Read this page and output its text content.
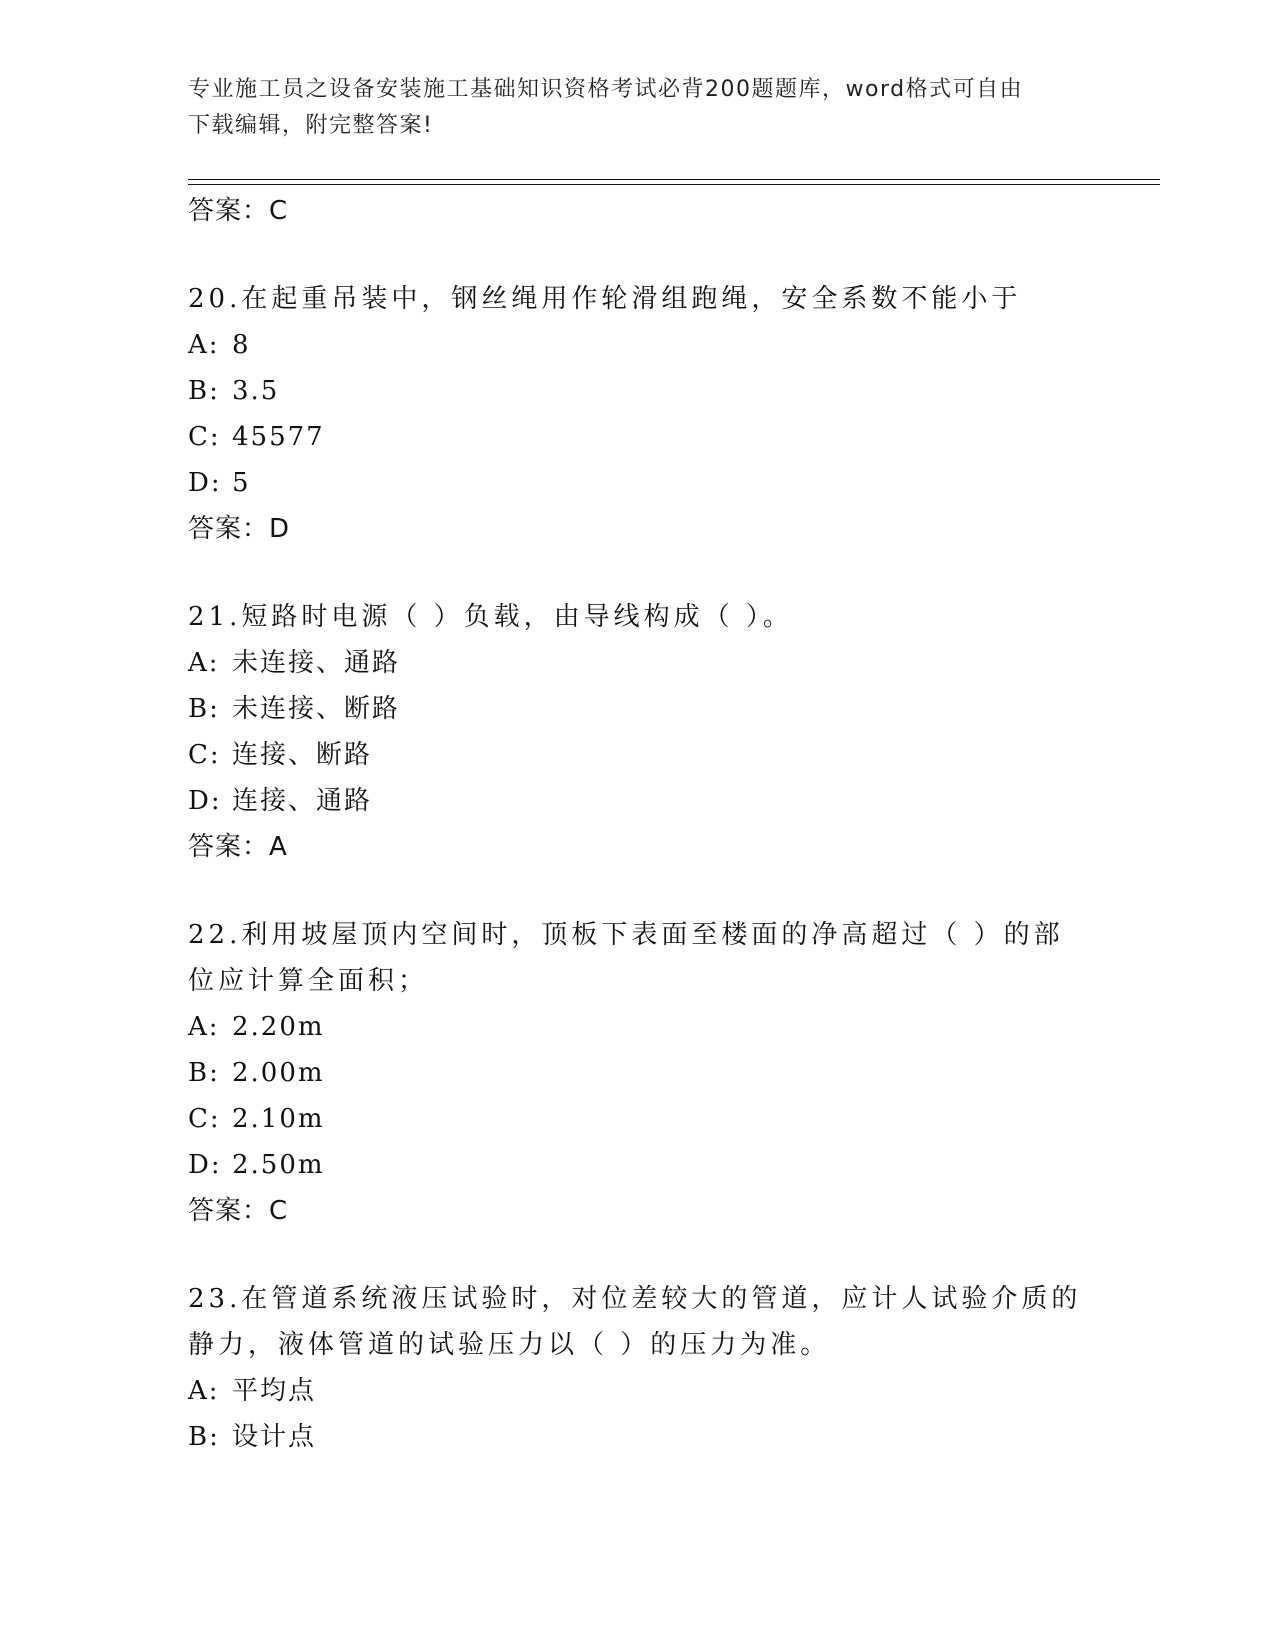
专业施工员之设备安装施工基础知识资格考试必背200题题库，word格式可自由
下载编辑，附完整答案!
答案：C
20.在起重吊装中，钢丝绳用作轮滑组跑绳，安全系数不能小于
A: 8
B: 3.5
C: 45577
D: 5
答案：D
21.短路时电源（ ）负载，由导线构成（ ）。
A: 未连接、通路
B: 未连接、断路
C: 连接、断路
D: 连接、通路
答案：A
22.利用坡屋顶内空间时，顶板下表面至楼面的净高超过（ ）的部位应计算全面积；
A: 2.20m
B: 2.00m
C: 2.10m
D: 2.50m
答案：C
23.在管道系统液压试验时，对位差较大的管道，应计人试验介质的静力，液体管道的试验压力以（ ）的压力为准。
A: 平均点
B: 设计点
